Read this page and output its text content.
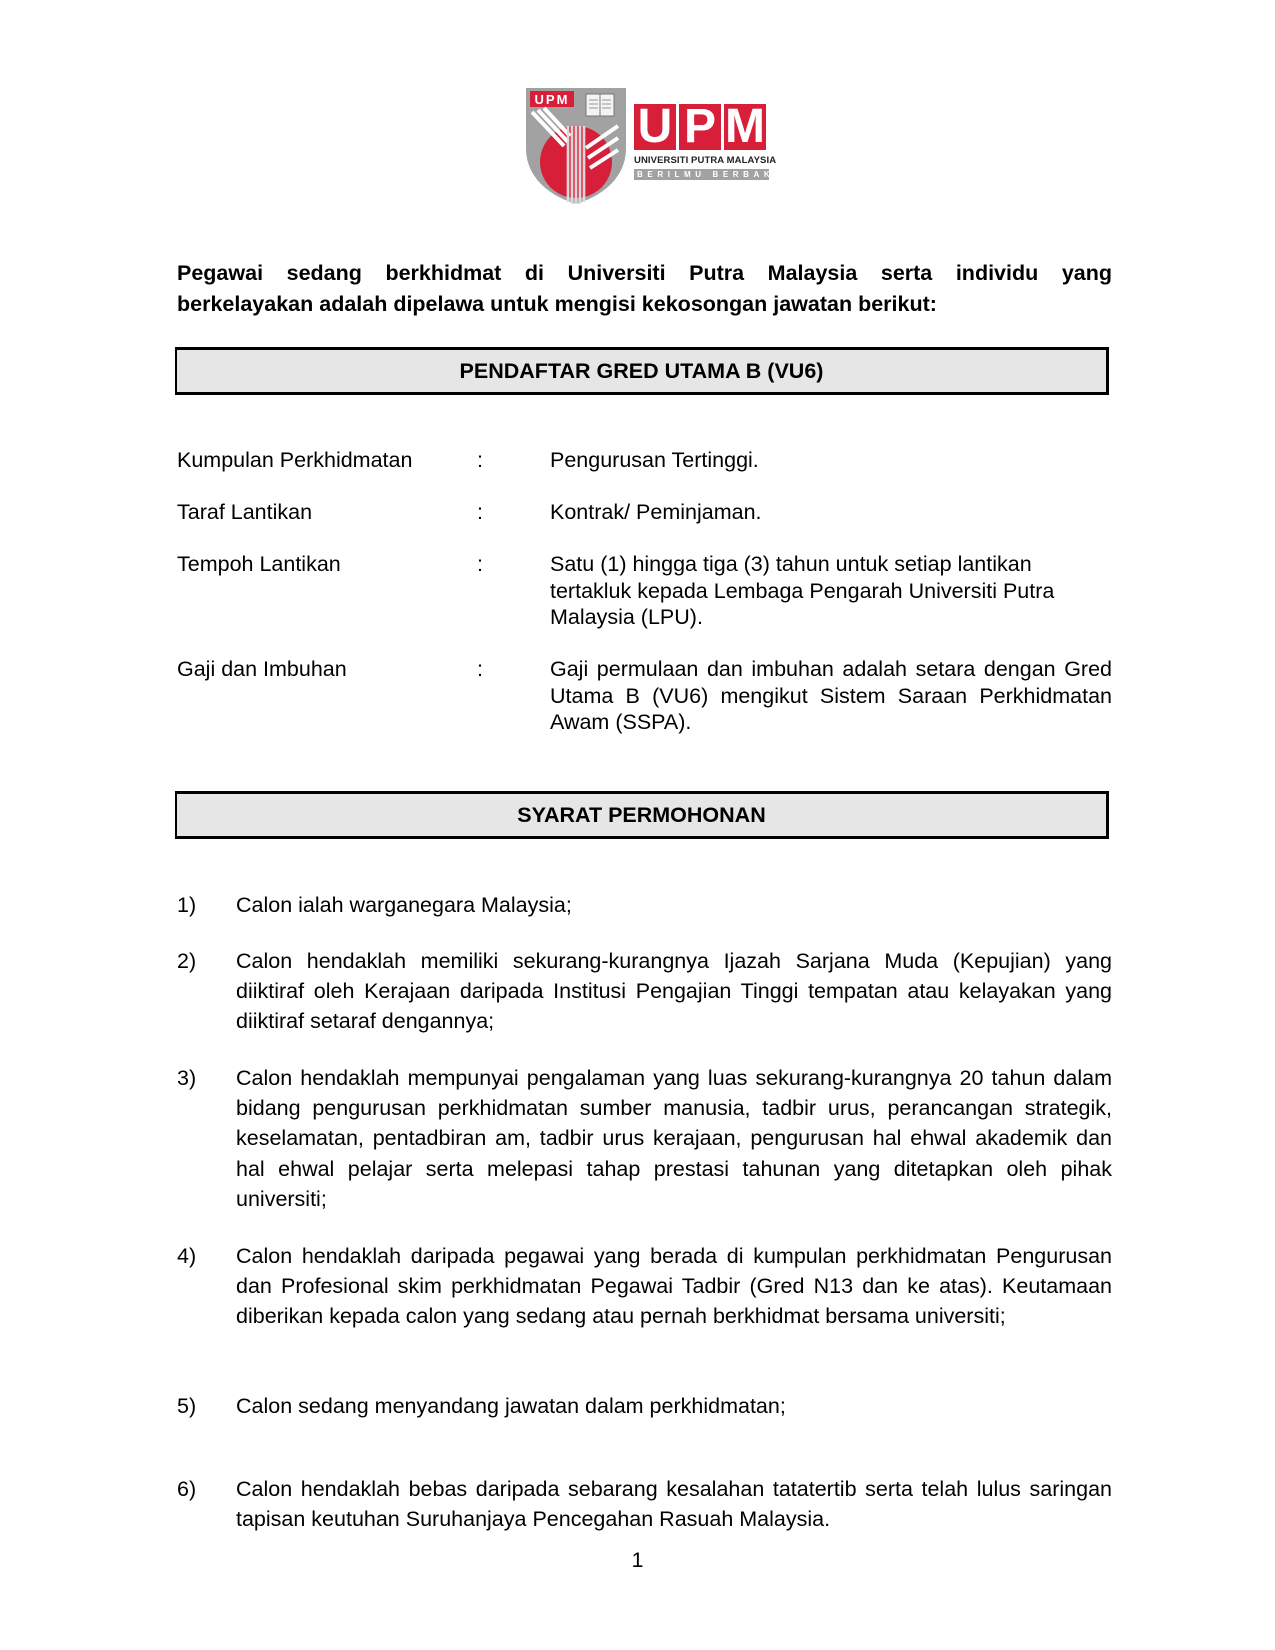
UPM
U P M
UNIVERSITI PUTRA MALAYSIA
BERILMU BERBAKTI
Pegawai sedang berkhidmat di Universiti Putra Malaysia serta individu yang
berkelayakan adalah dipelawa untuk mengisi kekosongan jawatan berikut:
PENDAFTAR GRED UTAMA B (VU6)
Kumpulan Perkhidmatan	:	Pengurusan Tertinggi.
Taraf Lantikan	:	Kontrak/ Peminjaman.
Tempoh Lantikan	:	Satu (1) hingga tiga (3) tahun untuk setiap lantikan tertakluk kepada Lembaga Pengarah Universiti Putra Malaysia (LPU).
Gaji dan Imbuhan	:	Gaji permulaan dan imbuhan adalah setara dengan Gred Utama B (VU6) mengikut Sistem Saraan Perkhidmatan Awam (SSPA).
SYARAT PERMOHONAN
1) Calon ialah warganegara Malaysia;
2) Calon hendaklah memiliki sekurang-kurangnya Ijazah Sarjana Muda (Kepujian) yang diiktiraf oleh Kerajaan daripada Institusi Pengajian Tinggi tempatan atau kelayakan yang diiktiraf setaraf dengannya;
3) Calon hendaklah mempunyai pengalaman yang luas sekurang-kurangnya 20 tahun dalam bidang pengurusan perkhidmatan sumber manusia, tadbir urus, perancangan strategik, keselamatan, pentadbiran am, tadbir urus kerajaan, pengurusan hal ehwal akademik dan hal ehwal pelajar serta melepasi tahap prestasi tahunan yang ditetapkan oleh pihak universiti;
4) Calon hendaklah daripada pegawai yang berada di kumpulan perkhidmatan Pengurusan dan Profesional skim perkhidmatan Pegawai Tadbir (Gred N13 dan ke atas). Keutamaan diberikan kepada calon yang sedang atau pernah berkhidmat bersama universiti;
5) Calon sedang menyandang jawatan dalam perkhidmatan;
6) Calon hendaklah bebas daripada sebarang kesalahan tatatertib serta telah lulus saringan tapisan keutuhan Suruhanjaya Pencegahan Rasuah Malaysia.
1
